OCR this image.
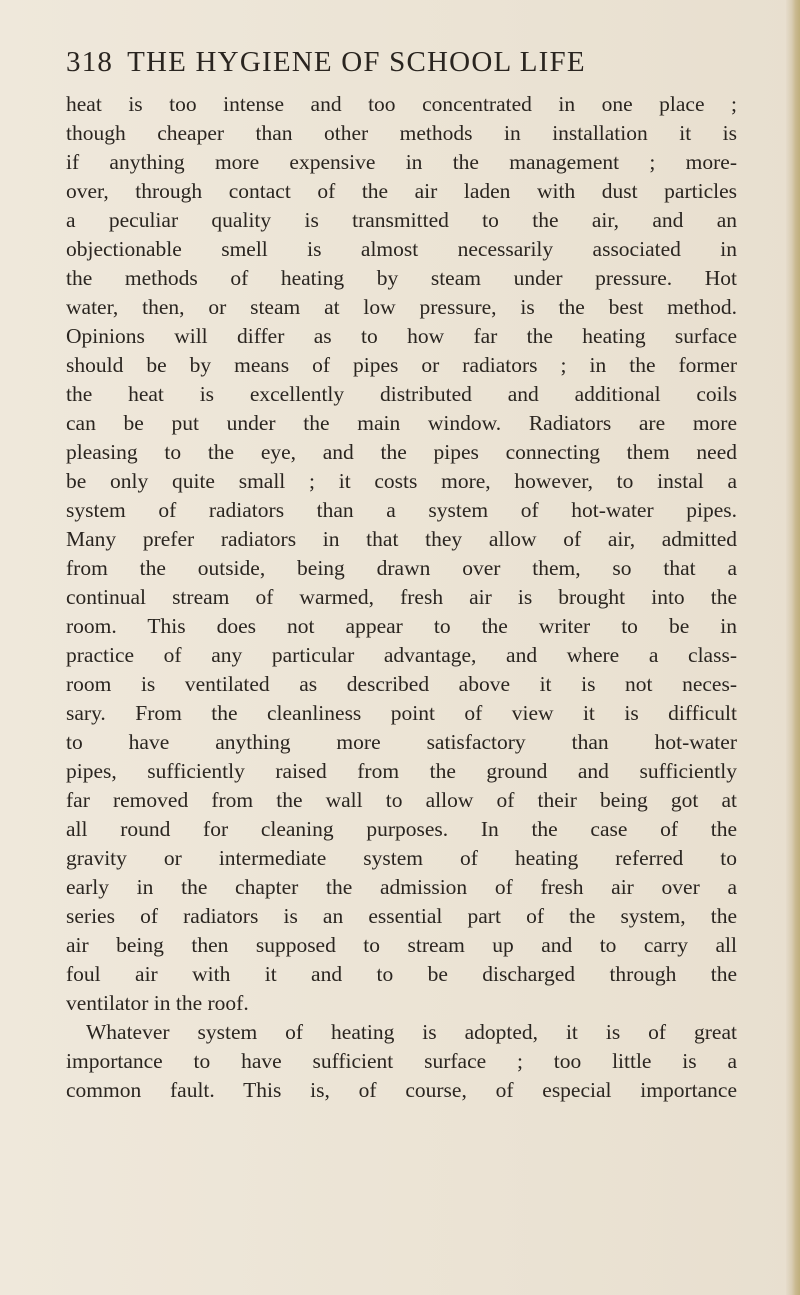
318 THE HYGIENE OF SCHOOL LIFE
heat is too intense and too concentrated in one place ;
though cheaper than other methods in installation it is
if anything more expensive in the management ; more-
over, through contact of the air laden with dust particles
a peculiar quality is transmitted to the air, and an
objectionable smell is almost necessarily associated in
the methods of heating by steam under pressure. Hot
water, then, or steam at low pressure, is the best method.
Opinions will differ as to how far the heating surface
should be by means of pipes or radiators ; in the former
the heat is excellently distributed and additional coils
can be put under the main window. Radiators are more
pleasing to the eye, and the pipes connecting them need
be only quite small ; it costs more, however, to instal a
system of radiators than a system of hot-water pipes.
Many prefer radiators in that they allow of air, admitted
from the outside, being drawn over them, so that a
continual stream of warmed, fresh air is brought into the
room. This does not appear to the writer to be in
practice of any particular advantage, and where a class-
room is ventilated as described above it is not neces-
sary. From the cleanliness point of view it is difficult
to have anything more satisfactory than hot-water
pipes, sufficiently raised from the ground and sufficiently
far removed from the wall to allow of their being got at
all round for cleaning purposes. In the case of the
gravity or intermediate system of heating referred to
early in the chapter the admission of fresh air over a
series of radiators is an essential part of the system, the
air being then supposed to stream up and to carry all
foul air with it and to be discharged through the
ventilator in the roof.
Whatever system of heating is adopted, it is of great
importance to have sufficient surface ; too little is a
common fault. This is, of course, of especial importance
